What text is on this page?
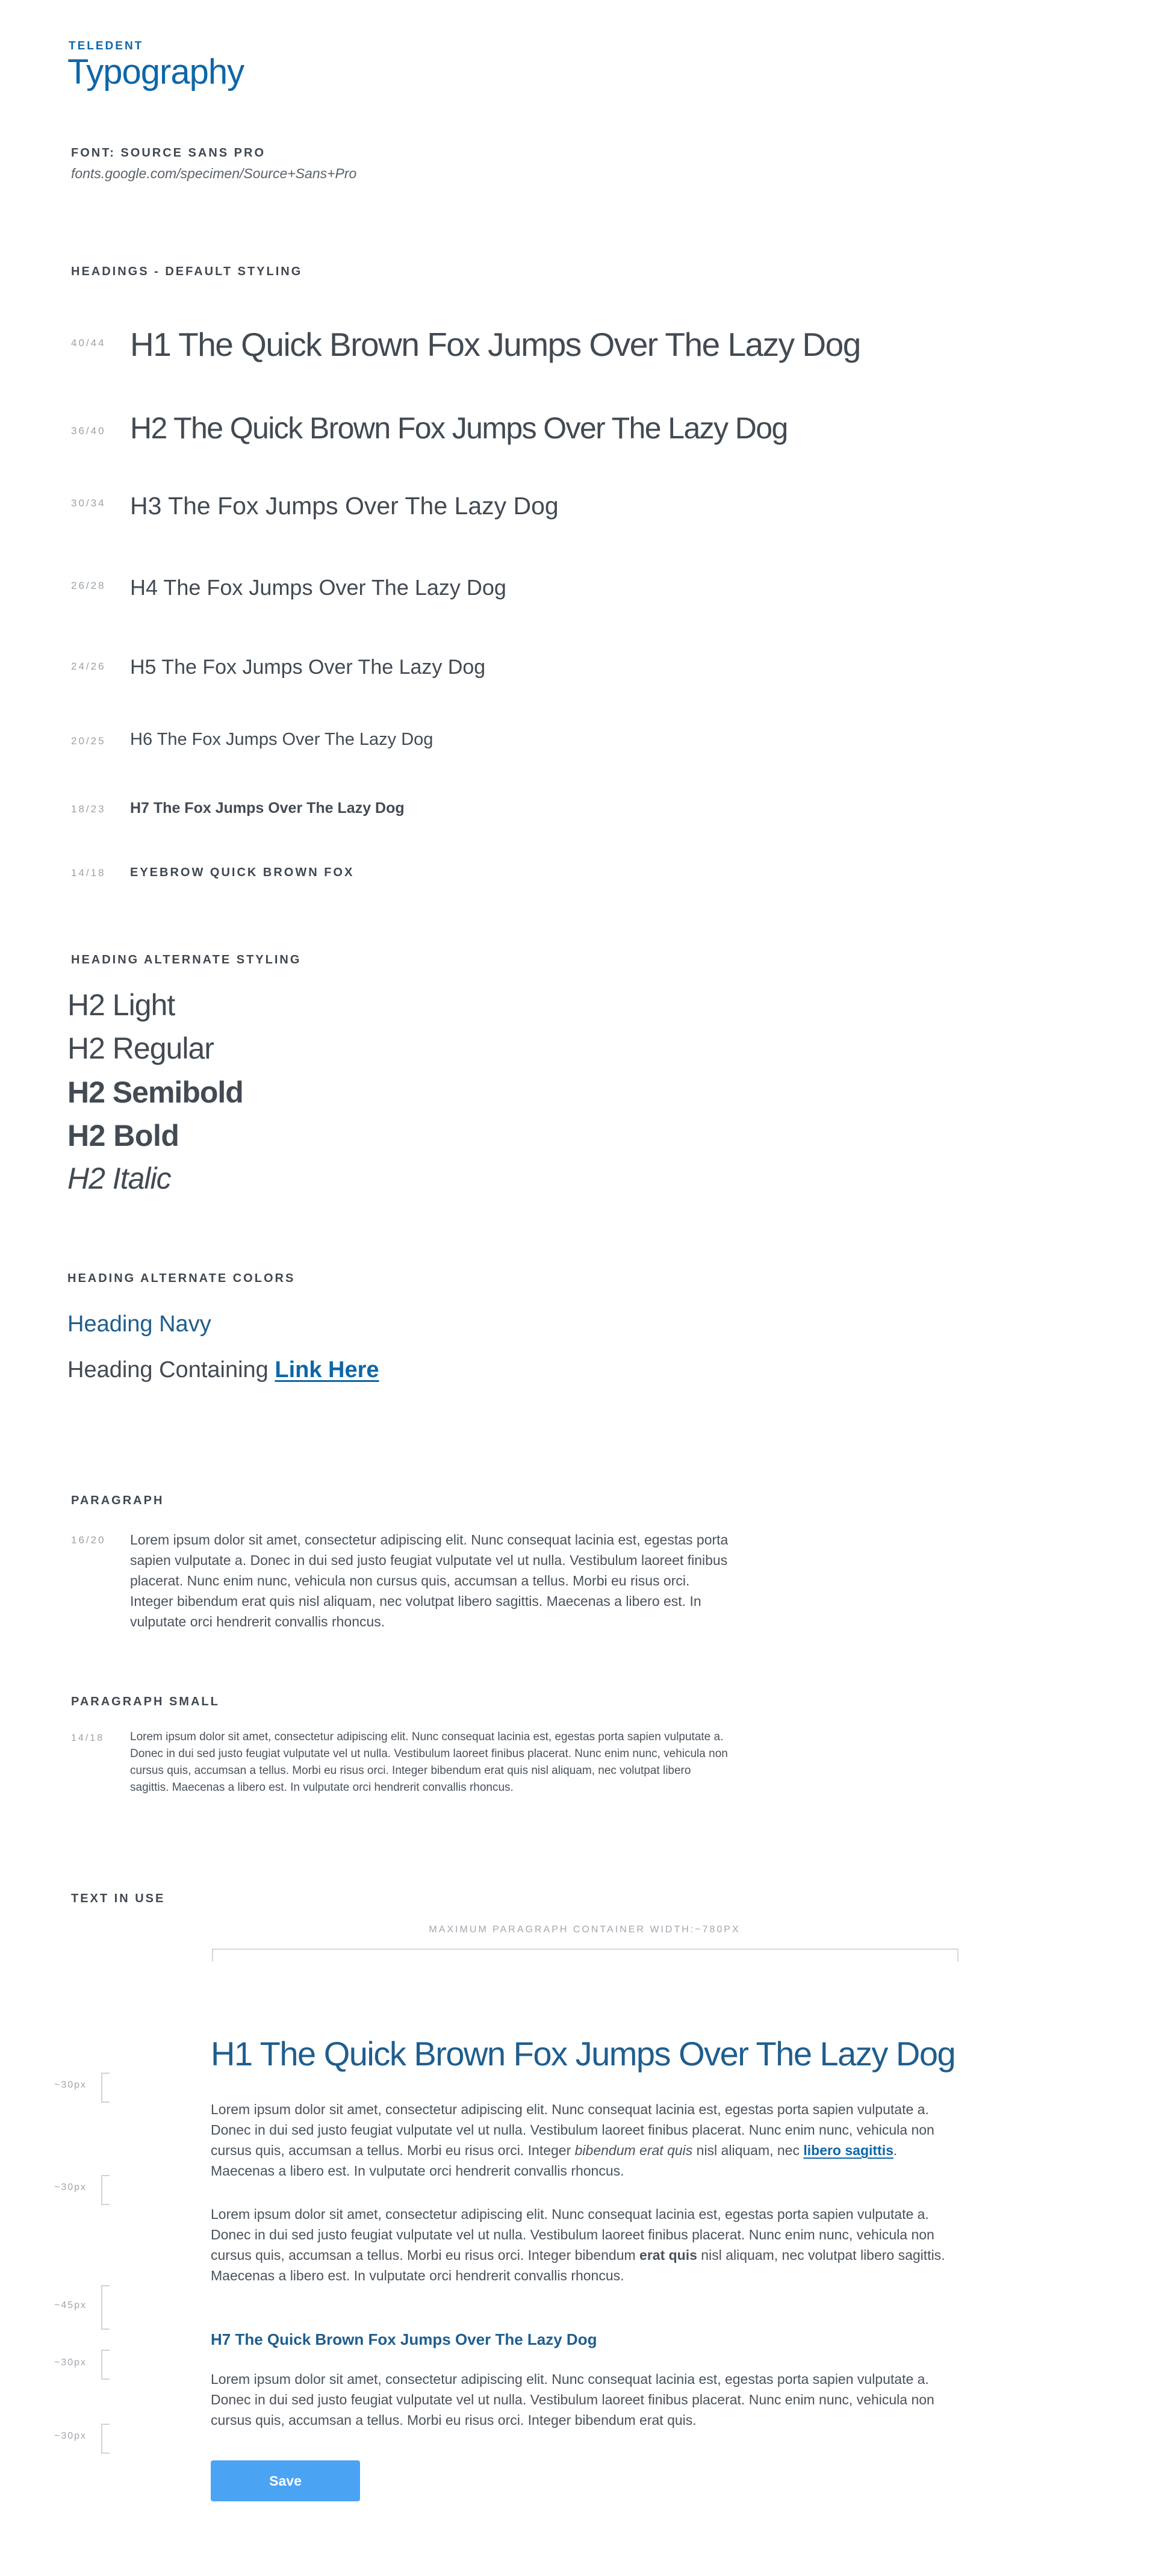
TELEDENT
Typography
FONT: SOURCE SANS PRO
fonts.google.com/specimen/Source+Sans+Pro
HEADINGS - DEFAULT STYLING
40/44 H1 The Quick Brown Fox Jumps Over The Lazy Dog
36/40 H2 The Quick Brown Fox Jumps Over The Lazy Dog
30/34 H3 The Fox Jumps Over The Lazy Dog
26/28 H4 The Fox Jumps Over The Lazy Dog
24/26 H5 The Fox Jumps Over The Lazy Dog
20/25 H6 The Fox Jumps Over The Lazy Dog
18/23 H7 The Fox Jumps Over The Lazy Dog
14/18 EYEBROW QUICK BROWN FOX
HEADING ALTERNATE STYLING
H2 Light
H2 Regular
H2 Semibold
H2 Bold
H2 Italic
HEADING ALTERNATE COLORS
Heading Navy
Heading Containing Link Here
PARAGRAPH
16/20 Lorem ipsum dolor sit amet, consectetur adipiscing elit. Nunc consequat lacinia est, egestas porta sapien vulputate a. Donec in dui sed justo feugiat vulputate vel ut nulla. Vestibulum laoreet finibus placerat. Nunc enim nunc, vehicula non cursus quis, accumsan a tellus. Morbi eu risus orci. Integer bibendum erat quis nisl aliquam, nec volutpat libero sagittis. Maecenas a libero est. In vulputate orci hendrerit convallis rhoncus.
PARAGRAPH SMALL
14/18 Lorem ipsum dolor sit amet, consectetur adipiscing elit. Nunc consequat lacinia est, egestas porta sapien vulputate a. Donec in dui sed justo feugiat vulputate vel ut nulla. Vestibulum laoreet finibus placerat. Nunc enim nunc, vehicula non cursus quis, accumsan a tellus. Morbi eu risus orci. Integer bibendum erat quis nisl aliquam, nec volutpat libero sagittis. Maecenas a libero est. In vulputate orci hendrerit convallis rhoncus.
TEXT IN USE
MAXIMUM PARAGRAPH CONTAINER WIDTH:~780PX
~30px
~30px
~45px
~30px
~30px
H1 The Quick Brown Fox Jumps Over The Lazy Dog
Lorem ipsum dolor sit amet, consectetur adipiscing elit. Nunc consequat lacinia est, egestas porta sapien vulputate a. Donec in dui sed justo feugiat vulputate vel ut nulla. Vestibulum laoreet finibus placerat. Nunc enim nunc, vehicula non cursus quis, accumsan a tellus. Morbi eu risus orci. Integer bibendum erat quis nisl aliquam, nec libero sagittis. Maecenas a libero est. In vulputate orci hendrerit convallis rhoncus.
Lorem ipsum dolor sit amet, consectetur adipiscing elit. Nunc consequat lacinia est, egestas porta sapien vulputate a. Donec in dui sed justo feugiat vulputate vel ut nulla. Vestibulum laoreet finibus placerat. Nunc enim nunc, vehicula non cursus quis, accumsan a tellus. Morbi eu risus orci. Integer bibendum erat quis nisl aliquam, nec volutpat libero sagittis. Maecenas a libero est. In vulputate orci hendrerit convallis rhoncus.
H7 The Quick Brown Fox Jumps Over The Lazy Dog
Lorem ipsum dolor sit amet, consectetur adipiscing elit. Nunc consequat lacinia est, egestas porta sapien vulputate a. Donec in dui sed justo feugiat vulputate vel ut nulla. Vestibulum laoreet finibus placerat. Nunc enim nunc, vehicula non cursus quis, accumsan a tellus. Morbi eu risus orci. Integer bibendum erat quis.
Save
